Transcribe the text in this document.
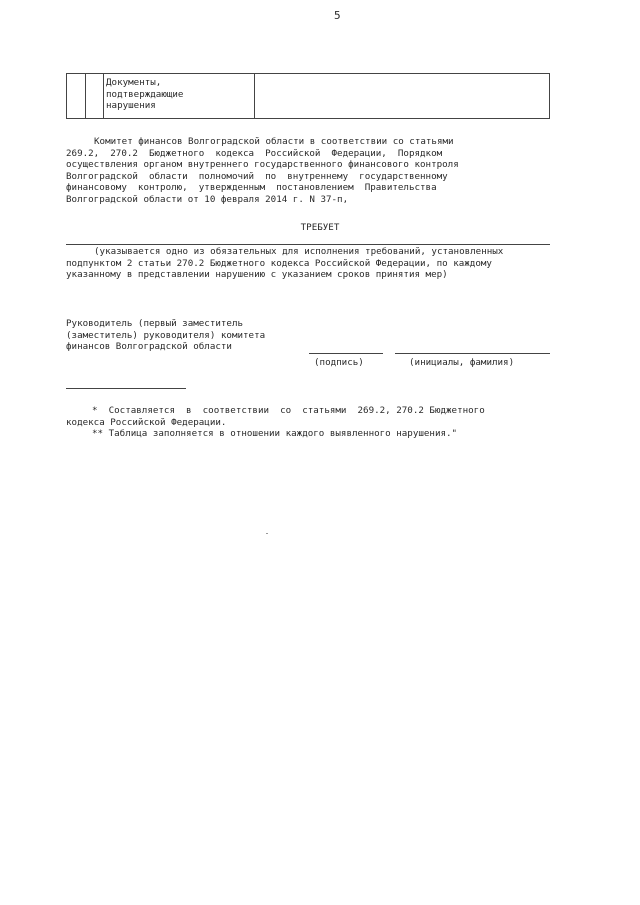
5

Документы,
подтверждающие
нарушения

Комитет финансов Волгоградской области в соответствии со статьями
269.2,  270.2  Бюджетного  кодекса  Российской  Федерации,  Порядком
осуществления органом внутреннего государственного финансового контроля
Волгоградской  области  полномочий  по  внутреннему  государственному
финансовому  контролю,  утвержденным  постановлением  Правительства
Волгоградской области от 10 февраля 2014 г. N 37-п,
ТРЕБУЕТ
(указывается одно из обязательных для исполнения требований, установленных
подпунктом 2 статьи 270.2 Бюджетного кодекса Российской Федерации, по каждому
указанному в представлении нарушению с указанием сроков принятия мер)
Руководитель (первый заместитель
(заместитель) руководителя) комитета
финансов Волгоградской области
(подпись)	(инициалы, фамилия)
*  Составляется  в  соответствии  со  статьями  269.2, 270.2 Бюджетного
кодекса Российской Федерации.
** Таблица заполняется в отношении каждого выявленного нарушения."
